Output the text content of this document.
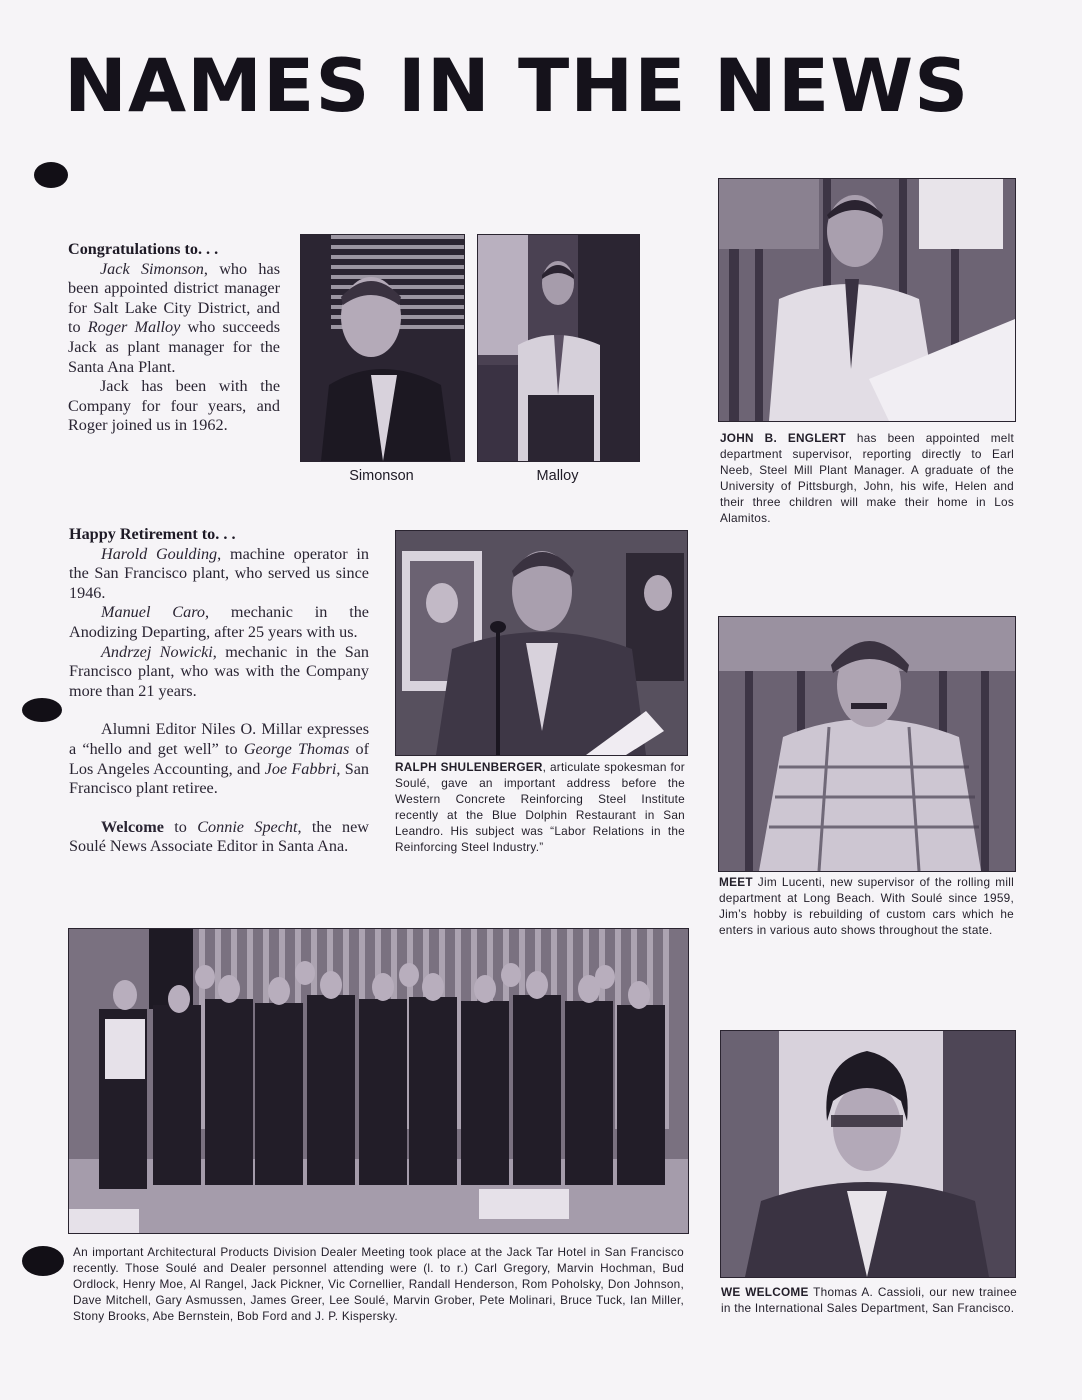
NAMES IN THE NEWS

Congratulations to. . .

Jack Simonson, who has been appointed district manager for Salt Lake City District, and to Roger Malloy who succeeds Jack as plant manager for the Santa Ana Plant.

Jack has been with the Company for four years, and Roger joined us in 1962.

Simonson	Malloy
JOHN B. ENGLERT has been appointed melt department supervisor, reporting directly to Earl Neeb, Steel Mill Plant Manager. A graduate of the University of Pittsburgh, John, his wife, Helen and their three children will make their home in Los Alamitos.

Happy Retirement to. . .

Harold Goulding, machine operator in the San Francisco plant, who served us since 1946.

Manuel Caro, mechanic in the Anodizing Departing, after 25 years with us.

Andrzej Nowicki, mechanic in the San Francisco plant, who was with the Company more than 21 years.

Alumni Editor Niles O. Millar expresses a “hello and get well” to George Thomas of Los Angeles Accounting, and Joe Fabbri, San Francisco plant retiree.

Welcome to Connie Specht, the new Soulé News Associate Editor in Santa Ana.

RALPH SHULENBERGER, articulate spokesman for Soulé, gave an important address before the Western Concrete Reinforcing Steel Institute recently at the Blue Dolphin Restaurant in San Leandro. His subject was “Labor Relations in the Reinforcing Steel Industry.”
MEET Jim Lucenti, new supervisor of the rolling mill department at Long Beach. With Soulé since 1959, Jim’s hobby is rebuilding of custom cars which he enters in various auto shows throughout the state.
An important Architectural Products Division Dealer Meeting took place at the Jack Tar Hotel in San Francisco recently. Those Soulé and Dealer personnel attending were (l. to r.) Carl Gregory, Marvin Hochman, Bud Ordlock, Henry Moe, Al Rangel, Jack Pickner, Vic Cornellier, Randall Henderson, Rom Poholsky, Don Johnson, Dave Mitchell, Gary Asmussen, James Greer, Lee Soulé, Marvin Grober, Pete Molinari, Bruce Tuck, Ian Miller, Stony Brooks, Abe Bernstein, Bob Ford and J. P. Kispersky.
WE WELCOME Thomas A. Cassioli, our new trainee in the International Sales Department, San Francisco.
